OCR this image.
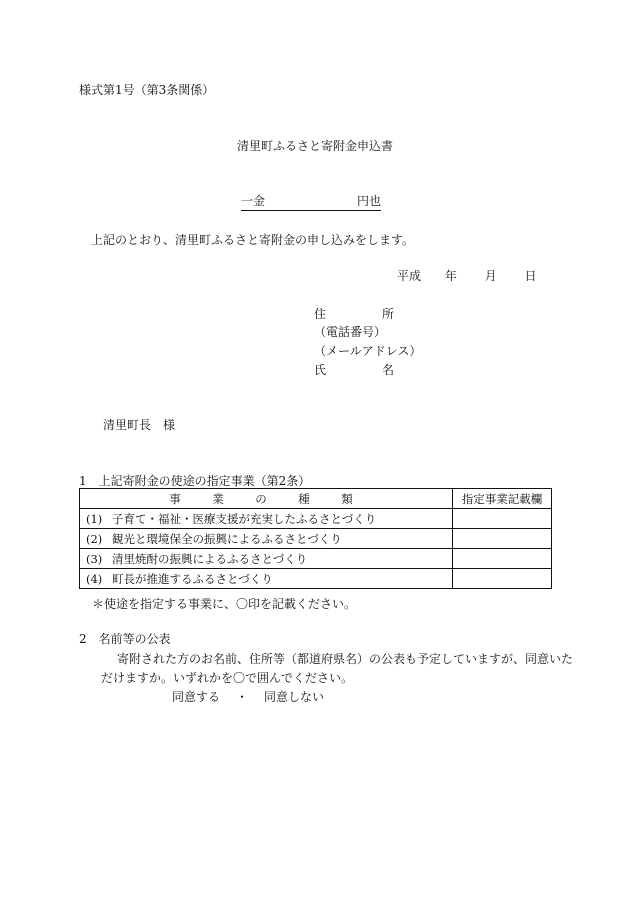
様式第1号（第3条関係）
清里町ふるさと寄附金申込書
一金	円也
上記のとおり、清里町ふるさと寄附金の申し込みをします。
平成 年 月 日
住	所
（電話番号）
（メールアドレス）
氏	名
清里町長　様
1　上記寄附金の使途の指定事業（第2条）
事　業　の　種　類	指定事業記載欄
(1) 子育て・福祉・医療支援が充実したふるさとづくり	
(2) 観光と環境保全の振興によるふるさとづくり	
(3) 清里焼酎の振興によるふるさとづくり	
(4) 町長が推進するふるさとづくり	
＊使途を指定する事業に、〇印を記載ください。
2　名前等の公表
寄附された方のお名前、住所等（都道府県名）の公表も予定していますが、同意いた
だけますか。いずれかを〇で囲んでください。
同意する ・ 同意しない
